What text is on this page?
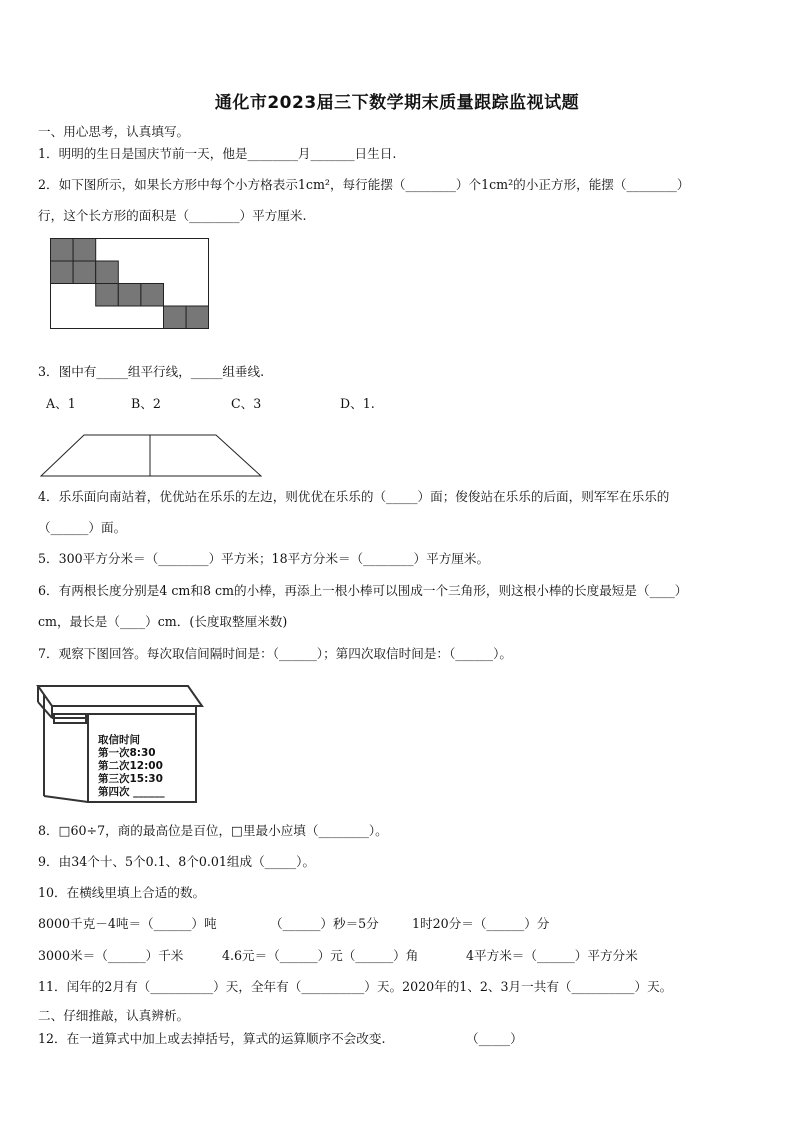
通化市2023届三下数学期末质量跟踪监视试题
一、用心思考，认真填写。
1．明明的生日是国庆节前一天，他是________月_______日生日.
2．如下图所示，如果长方形中每个小方格表示1cm²，每行能摆（________）个1cm²的小正方形，能摆（________）
行，这个长方形的面积是（________）平方厘米.
3．图中有_____组平行线，_____组垂线.
A、1	B、2	C、3	D、1.
4．乐乐面向南站着，优优站在乐乐的左边，则优优在乐乐的（_____）面；俊俊站在乐乐的后面，则军军在乐乐的
（______）面。
5．300平方分米＝（________）平方米；18平方分米＝（________）平方厘米。
6．有两根长度分别是4 cm和8 cm的小棒，再添上一根小棒可以围成一个三角形，则这根小棒的长度最短是（____）
cm，最长是（____）cm．(长度取整厘米数)
7．观察下图回答。每次取信间隔时间是：（______）；第四次取信时间是：（______）。
取信时间
第一次8:30
第二次12:00
第三次15:30
第四次 ______
8．□60÷7，商的最高位是百位，□里最小应填（________）。
9．由34个十、5个0.1、8个0.01组成（_____）。
10．在横线里填上合适的数。
8000千克－4吨＝（______）吨	（______）秒＝5分	1时20分＝（______）分
3000米＝（______）千米	4.6元＝（______）元（______）角	4平方米＝（______）平方分米
11．闰年的2月有（__________）天，全年有（__________）天。2020年的1、2、3月一共有（__________）天。
二、仔细推敲，认真辨析。
12．在一道算式中加上或去掉括号，算式的运算顺序不会改变.	（_____）
